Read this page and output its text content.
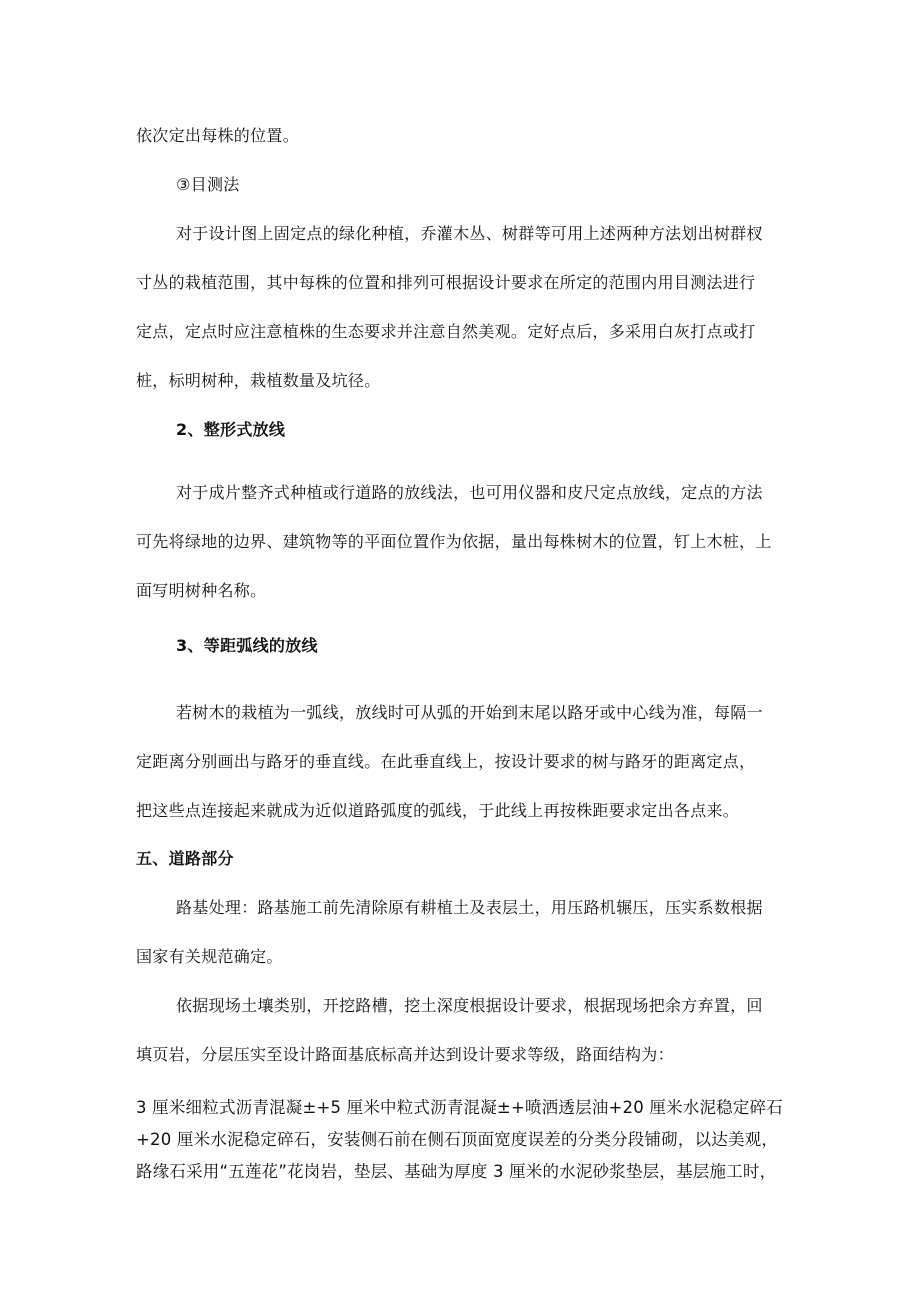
依次定出每株的位置。
③目测法
对于设计图上固定点的绿化种植，乔灌木丛、树群等可用上述两种方法划出树群杈
寸丛的栽植范围，其中每株的位置和排列可根据设计要求在所定的范围内用目测法进行
定点，定点时应注意植株的生态要求并注意自然美观。定好点后，多采用白灰打点或打
桩，标明树种，栽植数量及坑径。
2、整形式放线
对于成片整齐式种植或行道路的放线法，也可用仪器和皮尺定点放线，定点的方法
可先将绿地的边界、建筑物等的平面位置作为依据，量出每株树木的位置，钉上木桩，上
面写明树种名称。
3、等距弧线的放线
若树木的栽植为一弧线，放线时可从弧的开始到末尾以路牙或中心线为准，每隔一
定距离分别画出与路牙的垂直线。在此垂直线上，按设计要求的树与路牙的距离定点，
把这些点连接起来就成为近似道路弧度的弧线，于此线上再按株距要求定出各点来。
五、道路部分
路基处理：路基施工前先清除原有耕植土及表层土，用压路机辗压，压实系数根据
国家有关规范确定。
依据现场土壤类别，开挖路槽，挖土深度根据设计要求，根据现场把余方弃置，回
填页岩，分层压实至设计路面基底标高并达到设计要求等级，路面结构为：
3 厘米细粒式沥青混凝±+5 厘米中粒式沥青混凝±+喷洒透层油+20 厘米水泥稳定碎石
+20 厘米水泥稳定碎石，安装侧石前在侧石顶面宽度误差的分类分段铺砌，以达美观，
路缘石采用“五莲花”花岗岩，垫层、基础为厚度 3 厘米的水泥砂浆垫层，基层施工时，
